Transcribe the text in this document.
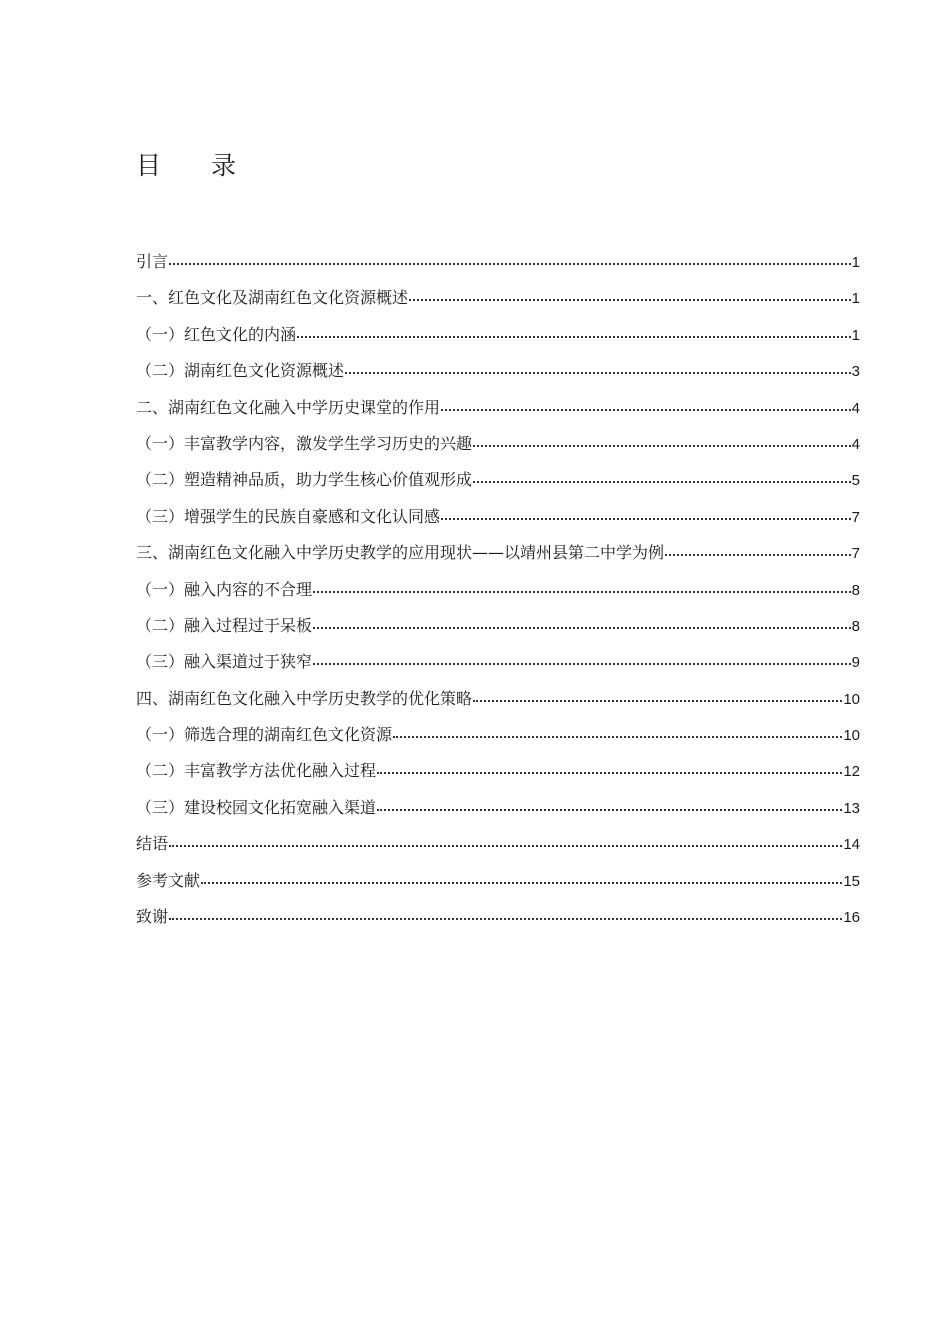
目 录
引言	1
一、红色文化及湖南红色文化资源概述	1
（一）红色文化的内涵	1
（二）湖南红色文化资源概述	3
二、湖南红色文化融入中学历史课堂的作用	4
（一）丰富教学内容，激发学生学习历史的兴趣	4
（二）塑造精神品质，助力学生核心价值观形成	5
（三）增强学生的民族自豪感和文化认同感	7
三、湖南红色文化融入中学历史教学的应用现状——以靖州县第二中学为例	7
（一）融入内容的不合理	8
（二）融入过程过于呆板	8
（三）融入渠道过于狭窄	9
四、湖南红色文化融入中学历史教学的优化策略	10
（一）筛选合理的湖南红色文化资源	10
（二）丰富教学方法优化融入过程	12
（三）建设校园文化拓宽融入渠道	13
结语	14
参考文献	15
致谢	16
